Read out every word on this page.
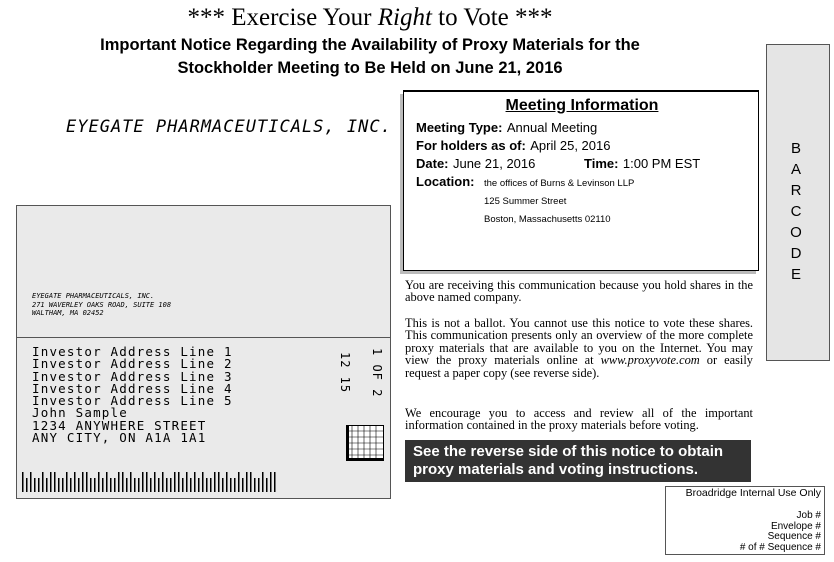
*** Exercise Your Right to Vote ***
Important Notice Regarding the Availability of Proxy Materials for the
Stockholder Meeting to Be Held on June 21, 2016
EYEGATE PHARMACEUTICALS, INC.
EYEGATE PHARMACEUTICALS, INC.
271 WAVERLEY OAKS ROAD, SUITE 108
WALTHAM, MA 02452
Investor Address Line 1
Investor Address Line 2
Investor Address Line 3
Investor Address Line 4
Investor Address Line 5
John Sample
1234 ANYWHERE STREET
ANY CITY, ON A1A 1A1
1 OF 2
12 15
Meeting Information
Meeting Type: Annual Meeting
For holders as of: April 25, 2016
Date: June 21, 2016	Time: 1:00 PM EST
Location: the offices of Burns & Levinson LLP
125 Summer Street
Boston, Massachusetts 02110
B
A
R
C
O
D
E
You are receiving this communication because you hold shares in the above named company.
This is not a ballot. You cannot use this notice to vote these shares. This communication presents only an overview of the more complete proxy materials that are available to you on the Internet. You may view the proxy materials online at www.proxyvote.com or easily request a paper copy (see reverse side).
We encourage you to access and review all of the important information contained in the proxy materials before voting.
See the reverse side of this notice to obtain proxy materials and voting instructions.
Broadridge Internal Use Only
Job #
Envelope #
Sequence #
# of # Sequence #
